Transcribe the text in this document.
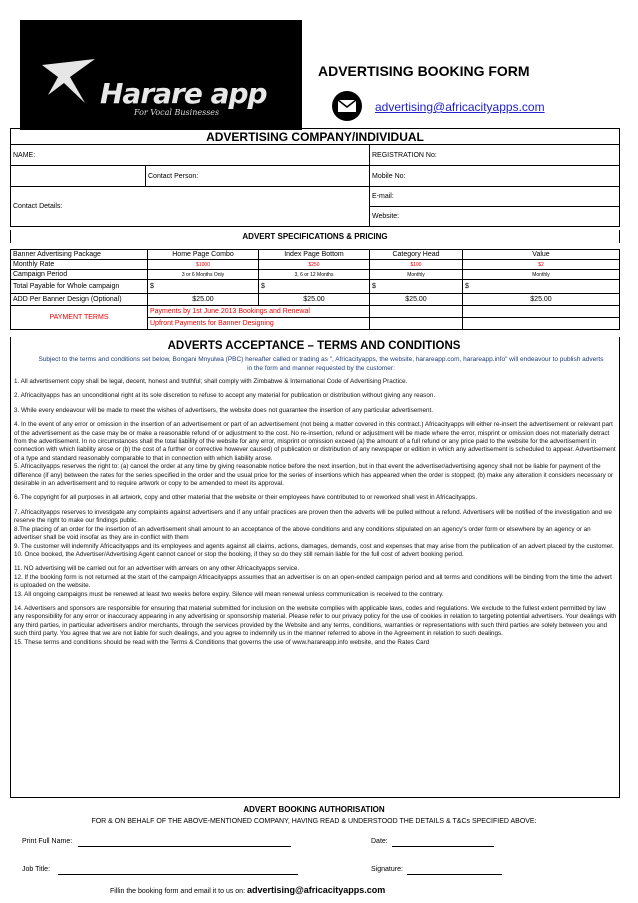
Harare app
For Vocal Businesses
ADVERTISING BOOKING FORM
advertising@africacityapps.com
ADVERTISING COMPANY/INDIVIDUAL
NAME:		REGISTRATION No:
	Contact Person:	Mobile No:
Contact Details:		E-mail:
		Website:
ADVERT SPECIFICATIONS & PRICING
Banner Advertising Package	Home Page Combo	Index Page Bottom	Category Head	Value
Monthly Rate	$1000	$250	$100	$2
Campaign Period	3 or 6 Months Only	3, 6 or 12 Months	Monthly	Monthly
Total Payable for Whole campaign	$	$	$	$
ADD Per Banner Design (Optional)	$25.00	$25.00	$25.00	$25.00
PAYMENT TERMS	Payments by 1st June 2013 Bookings and Renewal			
	Upfront Payments for Banner Designing			
ADVERTS ACCEPTANCE – TERMS AND CONDITIONS
Subject to the terms and conditions set below, Bongani Mnyulwa (PBC) hereafter called or trading as ", Africacityapps, the website, harareapp.com, harareapp.info" will endeavour to publish adverts in the form and manner requested by the customer:

1. All advertisement copy shall be legal, decent, honest and truthful; shall comply with Zimbabwe & International Code of Advertising Practice.

2. Africacityapps has an unconditional right at its sole discretion to refuse to accept any material for publication or distribution without giving any reason.

3. While every endeavour will be made to meet the wishes of advertisers, the website does not guarantee the insertion of any particular advertisement.

4. In the event of any error or omission in the insertion of an advertisement or part of an advertisement (not being a matter covered in this contract.) Africacityapps will either re-insert the advertisement or relevant part of the advertisement as the case may be or make a reasonable refund of or adjustment to the cost. No re-insertion, refund or adjustment will be made where the error, misprint or omission does not materially detract from the advertisement. In no circumstances shall the total liability of the website for any error, misprint or omission exceed (a) the amount of a full refund or any price paid to the website for the advertisement in connection with which liability arose or (b) the cost of a further or corrective however caused) of publication or distribution of any newspaper or edition in which any advertisement is scheduled to appear. Advertisement of a type and standard reasonably comparable to that in connection with which liability arose.
5. Africacityapps reserves the right to: (a) cancel the order at any time by giving reasonable notice before the next insertion, but in that event the advertiser/advertising agency shall not be liable for payment of the difference (if any) between the rates for the series specified in the order and the usual price for the series of insertions which has appeared when the order is stopped; (b) make any alteration it considers necessary or desirable in an advertisement and to require artwork or copy to be amended to meet its approval.

6. The copyright for all purposes in all artwork, copy and other material that the website or their employees have contributed to or reworked shall vest in Africacityapps.

7. Africacityapps reserves to investigate any complaints against advertisers and if any unfair practices are proven then the adverts will be pulled without a refund. Advertisers will be notified of the investigation and we reserve the right to make our findings public.
8.The placing of an order for the insertion of an advertisement shall amount to an acceptance of the above conditions and any conditions stipulated on an agency's order form or elsewhere by an agency or an advertiser shall be void insofar as they are in conflict with them
9. The customer will indemnify Africacityapps and its employees and agents against all claims, actions, damages, demands, cost and expenses that may arise from the publication of an advert placed by the customer.
10. Once booked, the Advertiser/Advertising Agent cannot cancel or stop the booking, if they so do they still remain liable for the full cost of advert booking period.

11. NO advertising will be carried out for an advertiser with arrears on any other Africacityapps service.
12. If the booking form is not returned at the start of the campaign Africacityapps assumes that an advertiser is on an open-ended campaign period and all terms and conditions will be binding from the time the advert is uploaded on the website.
13. All ongoing campaigns must be renewed at least two weeks before expiry. Silence will mean renewal unless communication is received to the contrary.

14. Advertisers and sponsors are responsible for ensuring that material submitted for inclusion on the website complies with applicable laws, codes and regulations. We exclude to the fullest extent permitted by law any responsibility for any error or inaccuracy appearing in any advertising or sponsorship material. Please refer to our privacy policy for the use of cookies in relation to targeting potential advertisers. Your dealings with any third parties, in particular advertisers and/or merchants, through the services provided by the Website and any terms, conditions, warranties or representations with such third parties are solely between you and such third party. You agree that we are not liable for such dealings, and you agree to indemnify us in the manner referred to above in the Agreement in relation to such dealings.
15. These terms and conditions should be read with the Terms & Conditions that governs the use of www.harareapp.info website, and the Rates Card

ADVERT BOOKING AUTHORISATION
FOR & ON BEHALF OF THE ABOVE-MENTIONED COMPANY, HAVING READ & UNDERSTOOD THE DETAILS & T&Cs SPECIFIED ABOVE:
Print Full Name:	Date:
Job Title:	Signature:
Fillin the booking form and email it to us on: advertising@africacityapps.com
